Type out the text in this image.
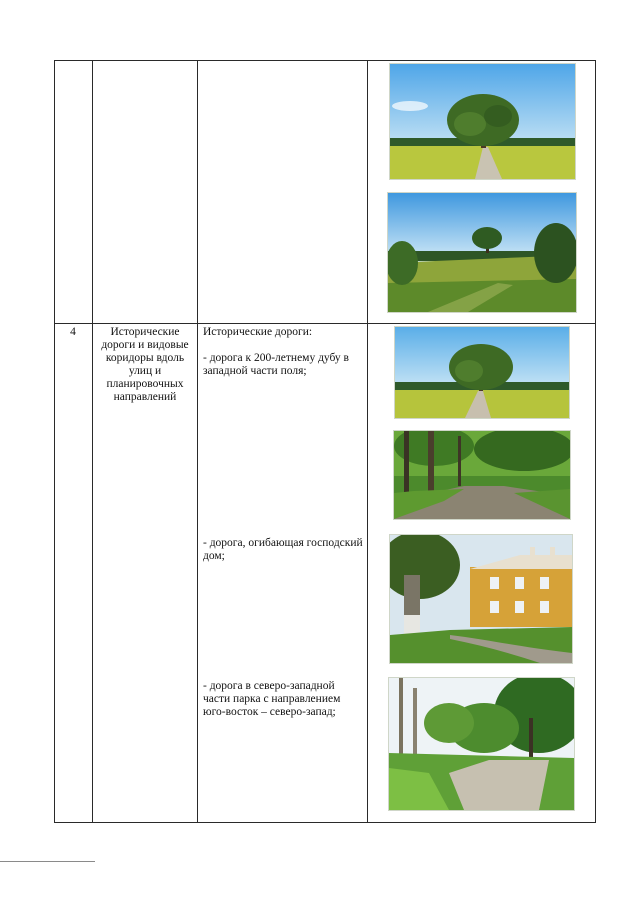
4	Исторические дороги и видовые коридоры вдоль улиц и планировочных направлений
Исторические дороги:
- дорога к 200-летнему дубу в западной части поля;
- дорога, огибающая господский дом;
- дорога в северо-западной части парка с направлением юго-восток – северо-запад;
